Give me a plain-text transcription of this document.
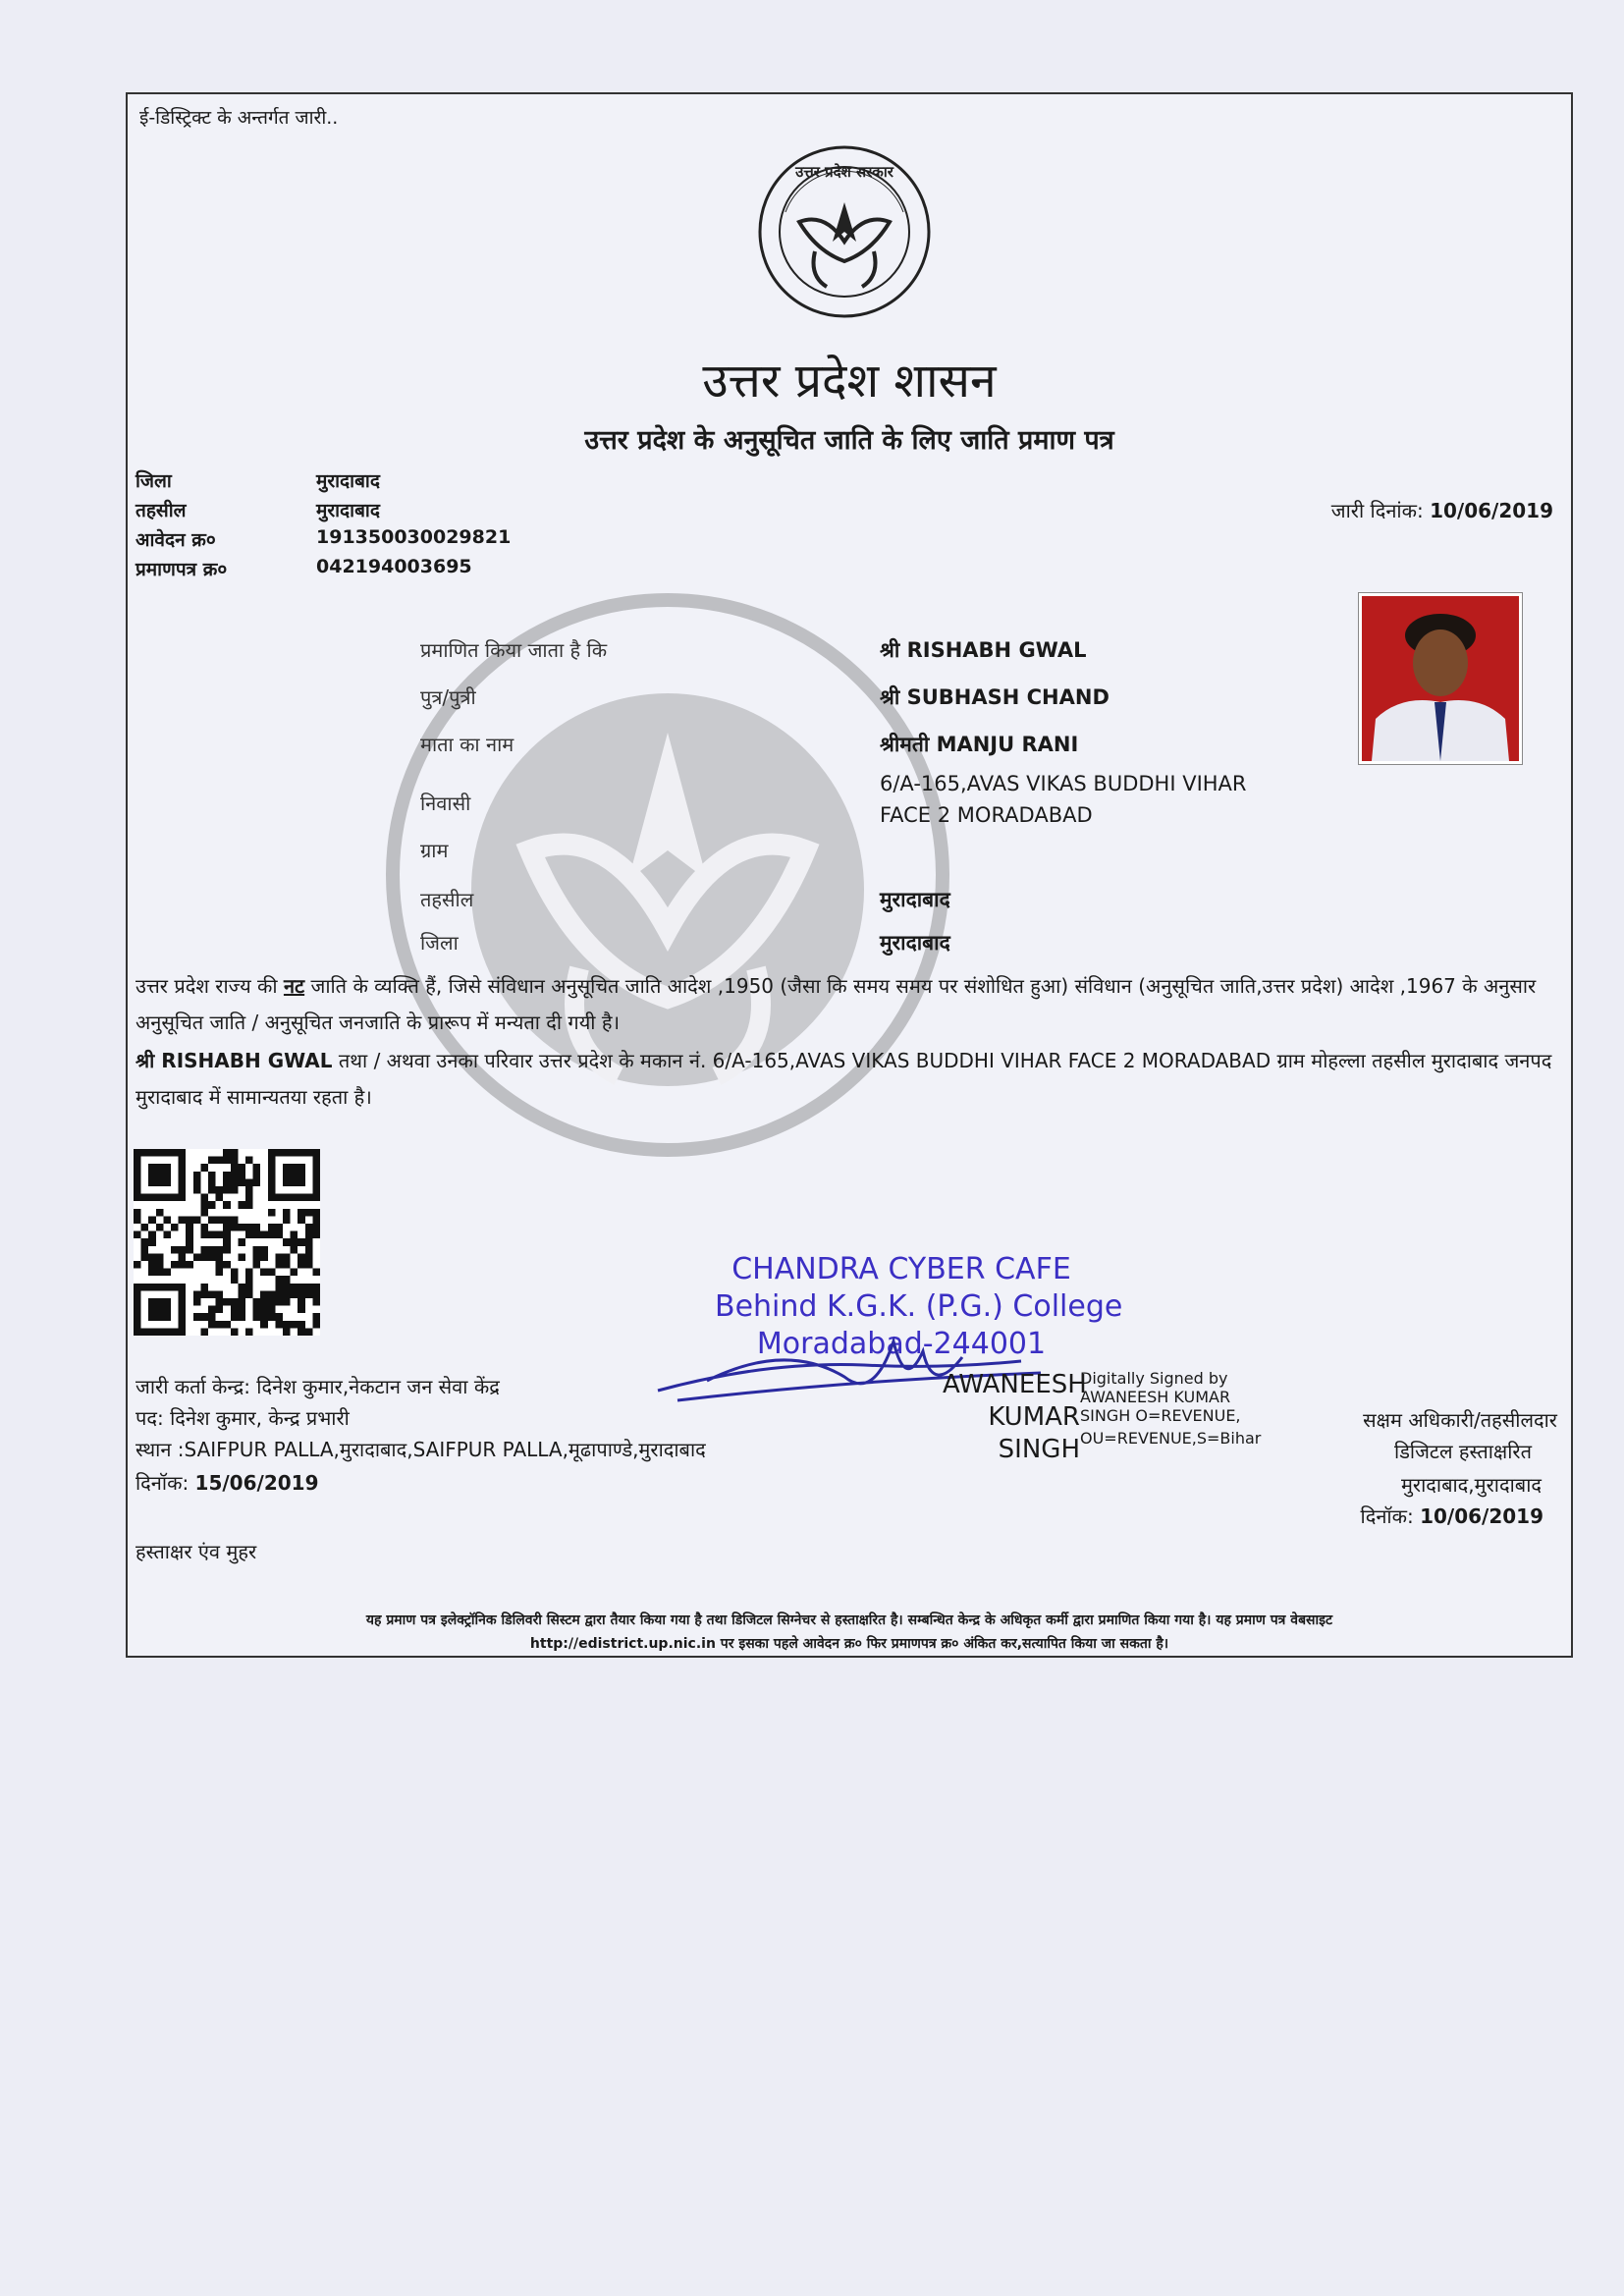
ई-डिस्ट्रिक्ट के अन्तर्गत जारी..
उत्तर प्रदेश सरकार
उत्तर प्रदेश शासन
उत्तर प्रदेश के अनुसूचित जाति के लिए जाति प्रमाण पत्र
जिला	मुरादाबाद
तहसील	मुरादाबाद
आवेदन क्र०	191350030029821
प्रमाणपत्र क्र०	042194003695
जारी दिनांक: 10/06/2019
प्रमाणित किया जाता है कि	श्री RISHABH GWAL
पुत्र/पुत्री	श्री SUBHASH CHAND
माता का नाम	श्रीमती MANJU RANI
निवासी
6/A-165,AVAS VIKAS BUDDHI VIHAR
FACE 2 MORADABAD
ग्राम
तहसील	मुरादाबाद
जिला	मुरादाबाद
उत्तर प्रदेश राज्य की नट जाति के व्यक्ति हैं, जिसे संविधान अनुसूचित जाति आदेश ,1950 (जैसा कि समय समय पर संशोधित हुआ) संविधान (अनुसूचित जाति,उत्तर प्रदेश) आदेश ,1967 के अनुसार अनुसूचित जाति / अनुसूचित जनजाति के प्रारूप में मन्यता दी गयी है।
श्री RISHABH GWAL तथा / अथवा उनका परिवार उत्तर प्रदेश के मकान नं. 6/A-165,AVAS VIKAS BUDDHI VIHAR FACE 2 MORADABAD ग्राम मोहल्ला तहसील मुरादाबाद जनपद मुरादाबाद में सामान्यतया रहता है।
CHANDRA CYBER CAFE
Behind K.G.K. (P.G.) College
Moradabad-244001
जारी कर्ता केन्द्र: दिनेश कुमार,नेकटान जन सेवा केंद्र
पद: दिनेश कुमार, केन्द्र प्रभारी
स्थान :SAIFPUR PALLA,मुरादाबाद,SAIFPUR PALLA,मूढापाण्डे,मुरादाबाद
दिनॉक: 15/06/2019
हस्ताक्षर एंव मुहर
AWANEESH
KUMAR
SINGH
Digitally Signed by
AWANEESH KUMAR
SINGH O=REVENUE,
OU=REVENUE,S=Bihar
सक्षम अधिकारी/तहसीलदार
डिजिटल हस्ताक्षरित
मुरादाबाद,मुरादाबाद
दिनॉक: 10/06/2019
यह प्रमाण पत्र इलेक्ट्रॉनिक डिलिवरी सिस्टम द्वारा तैयार किया गया है तथा डिजिटल सिग्नेचर से हस्ताक्षरित है। सम्बन्धित केन्द्र के अधिकृत कर्मी द्वारा प्रमाणित किया गया है। यह प्रमाण पत्र वेबसाइट
http://edistrict.up.nic.in पर इसका पहले आवेदन क्र० फिर प्रमाणपत्र क्र० अंकित कर,सत्यापित किया जा सकता है।
